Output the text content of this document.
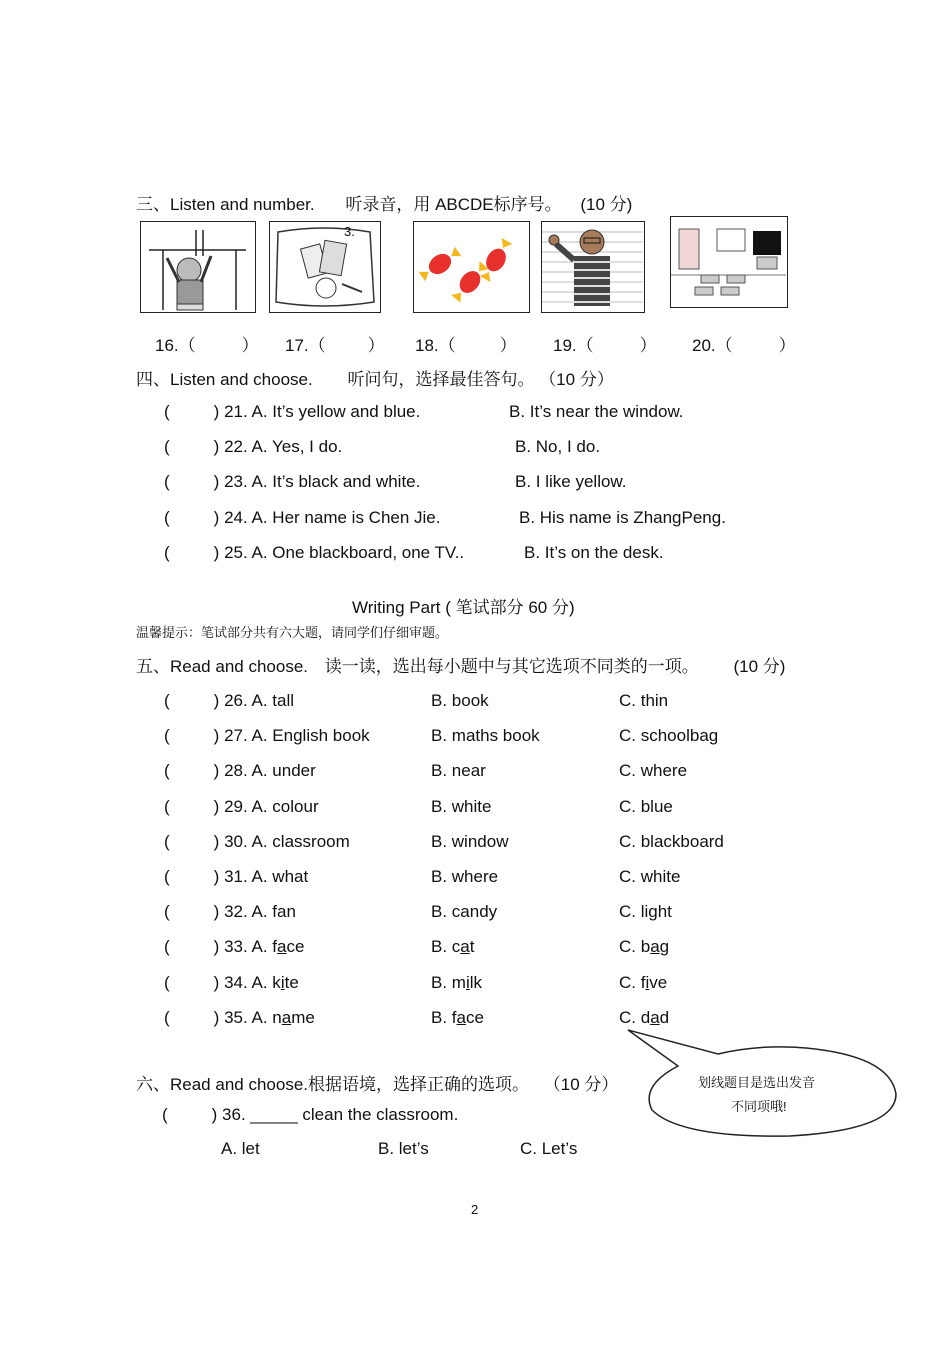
三、Listen and number. 听录音，用 ABCDE标序号。 (10 分)
3.
16.（	） 17.（ ） 18.（	） 19.（	） 20.（	）
四、Listen and choose. 听问句，选择最佳答句。 （10 分）
(	) 21. A. It’s yellow and blue.	B. It’s near the window.
(	) 22. A. Yes, I do.	B. No, I do.
(	) 23. A. It’s black and white.	B. I like yellow.
(	) 24. A. Her name is Chen Jie.	B. His name is ZhangPeng.
(	) 25. A. One blackboard, one TV..	B. It’s on the desk.
Writing Part ( 笔试部分 60 分)
温馨提示：笔试部分共有六大题，请同学们仔细审题。
五、Read and choose. 读一读，选出每小题中与其它选项不同类的一项。 (10 分)
(	) 26. A. tall	B. book	C. thin
(	) 27. A. English book	B. maths book	C. schoolbag
(	) 28. A. under	B. near	C. where
(	) 29. A. colour	B. white	C. blue
(	) 30. A. classroom	B. window	C. blackboard
(	) 31. A. what	B. where	C. white
(	) 32. A. fan	B. candy	C. light
(	) 33. A. face	B. cat	C. bag
(	) 34. A. kite	B. milk	C. five
(	) 35. A. name	B. face	C. dad
划线题目是选出发音
不同项哦!
六、Read and choose.根据语境，选择正确的选项。 （10 分）
(	) 36. _____ clean the classroom.
A. let	B. let’s	C. Let’s
2
